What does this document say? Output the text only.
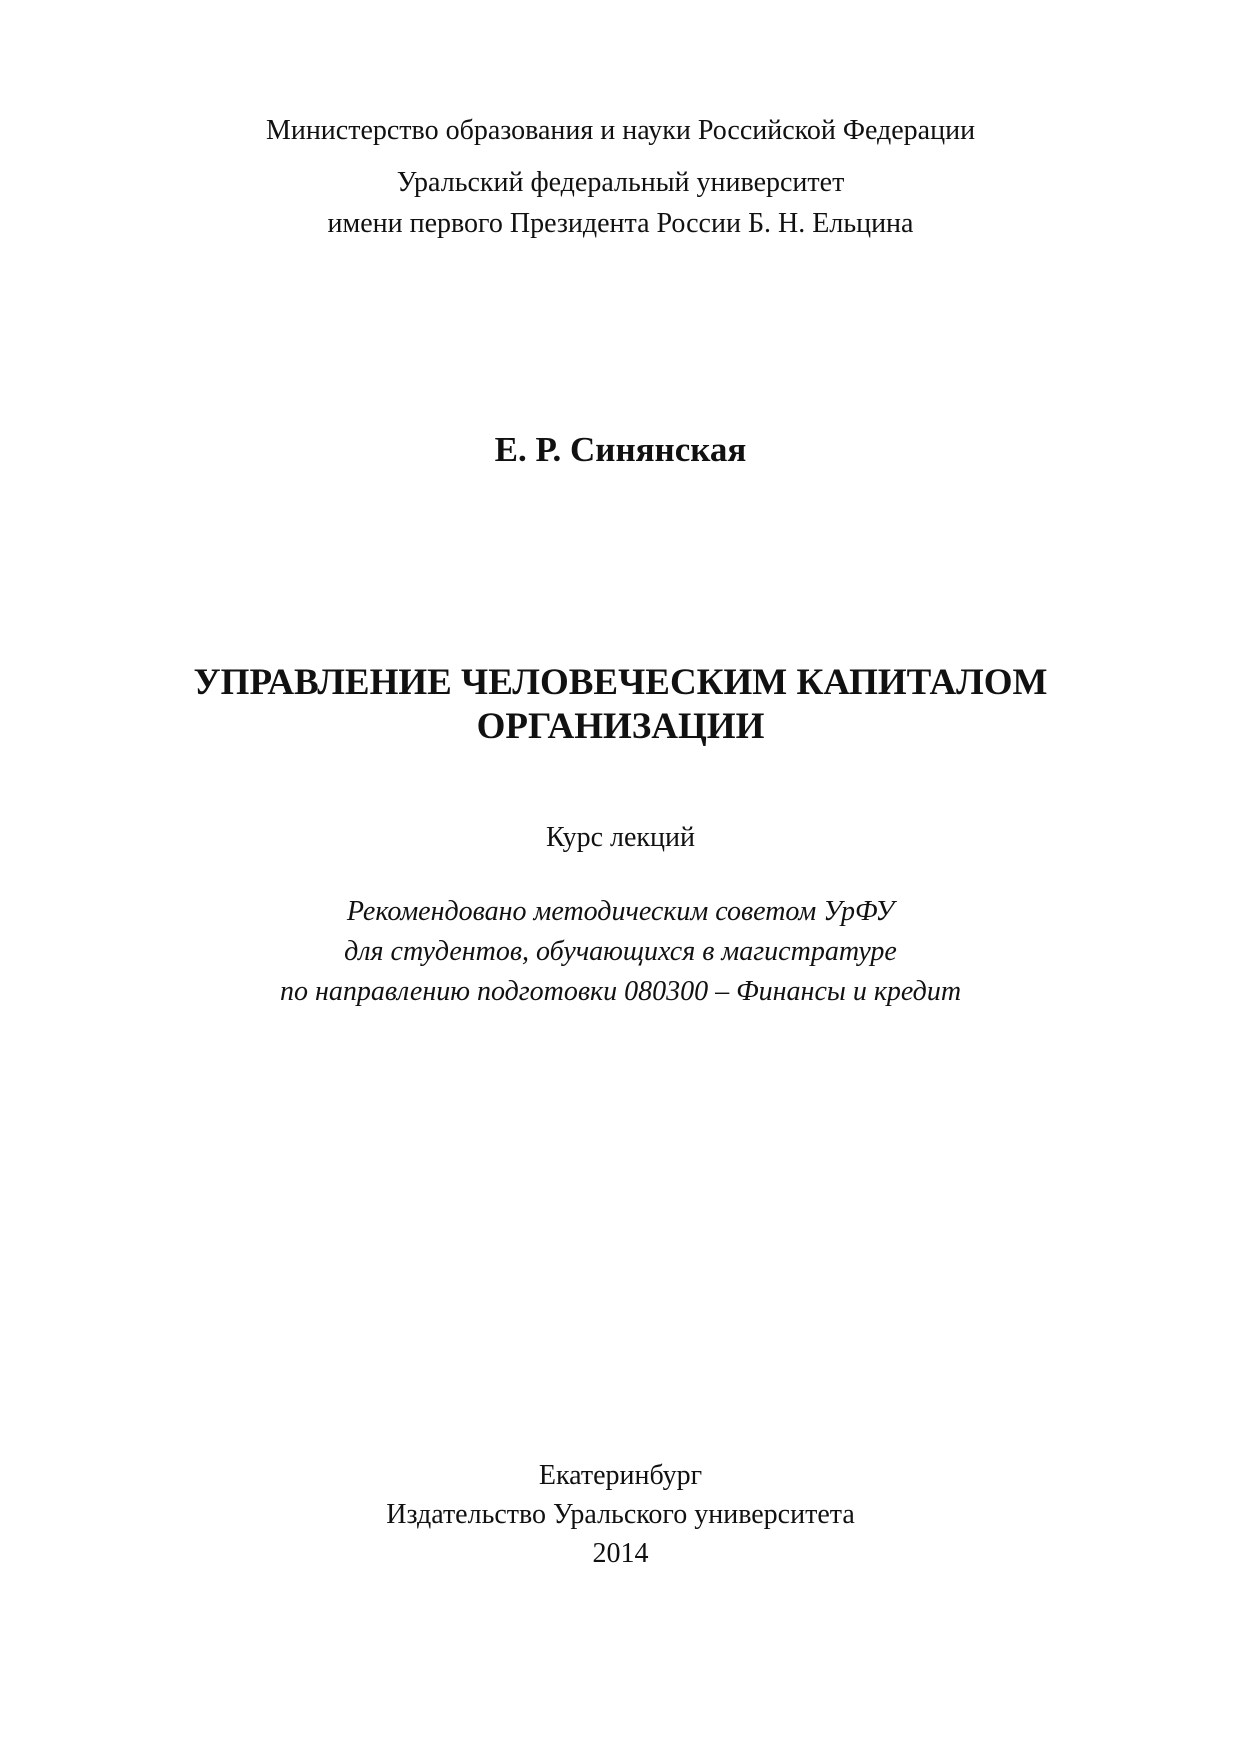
Министерство образования и науки Российской Федерации
Уральский федеральный университет
имени первого Президента России Б. Н. Ельцина
Е. Р. Синянская
УПРАВЛЕНИЕ ЧЕЛОВЕЧЕСКИМ КАПИТАЛОМ
ОРГАНИЗАЦИИ
Курс лекций
Рекомендовано методическим советом УрФУ
для студентов, обучающихся в магистратуре
по направлению подготовки 080300 – Финансы и кредит
Екатеринбург
Издательство Уральского университета
2014
